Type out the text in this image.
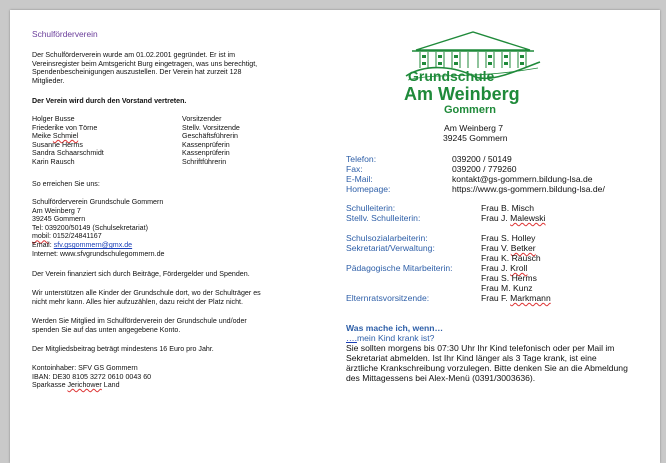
Schulförderverein
Der Schulförderverein wurde am 01.02.2001 gegründet. Er ist im
Vereinsregister beim Amtsgericht Burg eingetragen, was uns berechtigt,
Spendenbescheinigungen auszustellen. Der Verein hat zurzeit 128
Mitglieder.
Der Verein wird durch den Vorstand vertreten.
Holger Busse	Vorsitzender
Friederike von Törne	Stellv. Vorsitzende
Meike Schmiel	Geschäftsführerin
Susanne Herms	Kassenprüferin
Sandra Schaarschmidt	Kassenprüferin
Karin Rausch	Schriftführerin
So erreichen Sie uns:
Schulförderverein Grundschule Gommern
Am Weinberg 7
39245 Gommern
Tel: 039200/50149 (Schulsekretariat)
mobil: 0152/24841167
Email: sfv.gsgommern@gmx.de
Internet: www.sfvgrundschulegommern.de
Der Verein finanziert sich durch Beiträge, Fördergelder und Spenden.
Wir unterstützen alle Kinder der Grundschule dort, wo der Schulträger es
nicht mehr kann. Alles hier aufzuzählen, dazu reicht der Platz nicht.
Werden Sie Mitglied im Schulförderverein der Grundschule und/oder
spenden Sie auf das unten angegebene Konto.
Der Mitgliedsbeitrag beträgt mindestens 16 Euro pro Jahr.
Kontoinhaber: SFV GS Gommern
IBAN: DE30 8105 3272 0610 0043 60
Sparkasse Jerichower Land
Grundschule
Am Weinberg
Gommern
Am Weinberg 7
39245 Gommern
Telefon:	039200 / 50149
Fax:	039200 / 779260
E-Mail:	kontakt@gs-gommern.bildung-lsa.de
Homepage:	https://www.gs-gommern.bildung-lsa.de/
Schulleiterin:	Frau B. Misch
Stellv. Schulleiterin:	Frau J. Malewski
Schulsozialarbeiterin:	Frau S. Holley
Sekretariat/Verwaltung:	Frau V. Betker
Frau K. Rausch
Pädagogische Mitarbeiterin:	Frau J. Kroll
Frau S. Herms
Frau M. Kunz
Elternratsvorsitzende:	Frau F. Markmann
Was mache ich, wenn…
….mein Kind krank ist?
Sie sollten morgens bis 07:30 Uhr Ihr Kind telefonisch oder per Mail im
Sekretariat abmelden. Ist Ihr Kind länger als 3 Tage krank, ist eine
ärztliche Krankschreibung vorzulegen. Bitte denken Sie an die Abmeldung
des Mittagessens bei Alex-Menü (0391/3003636).
